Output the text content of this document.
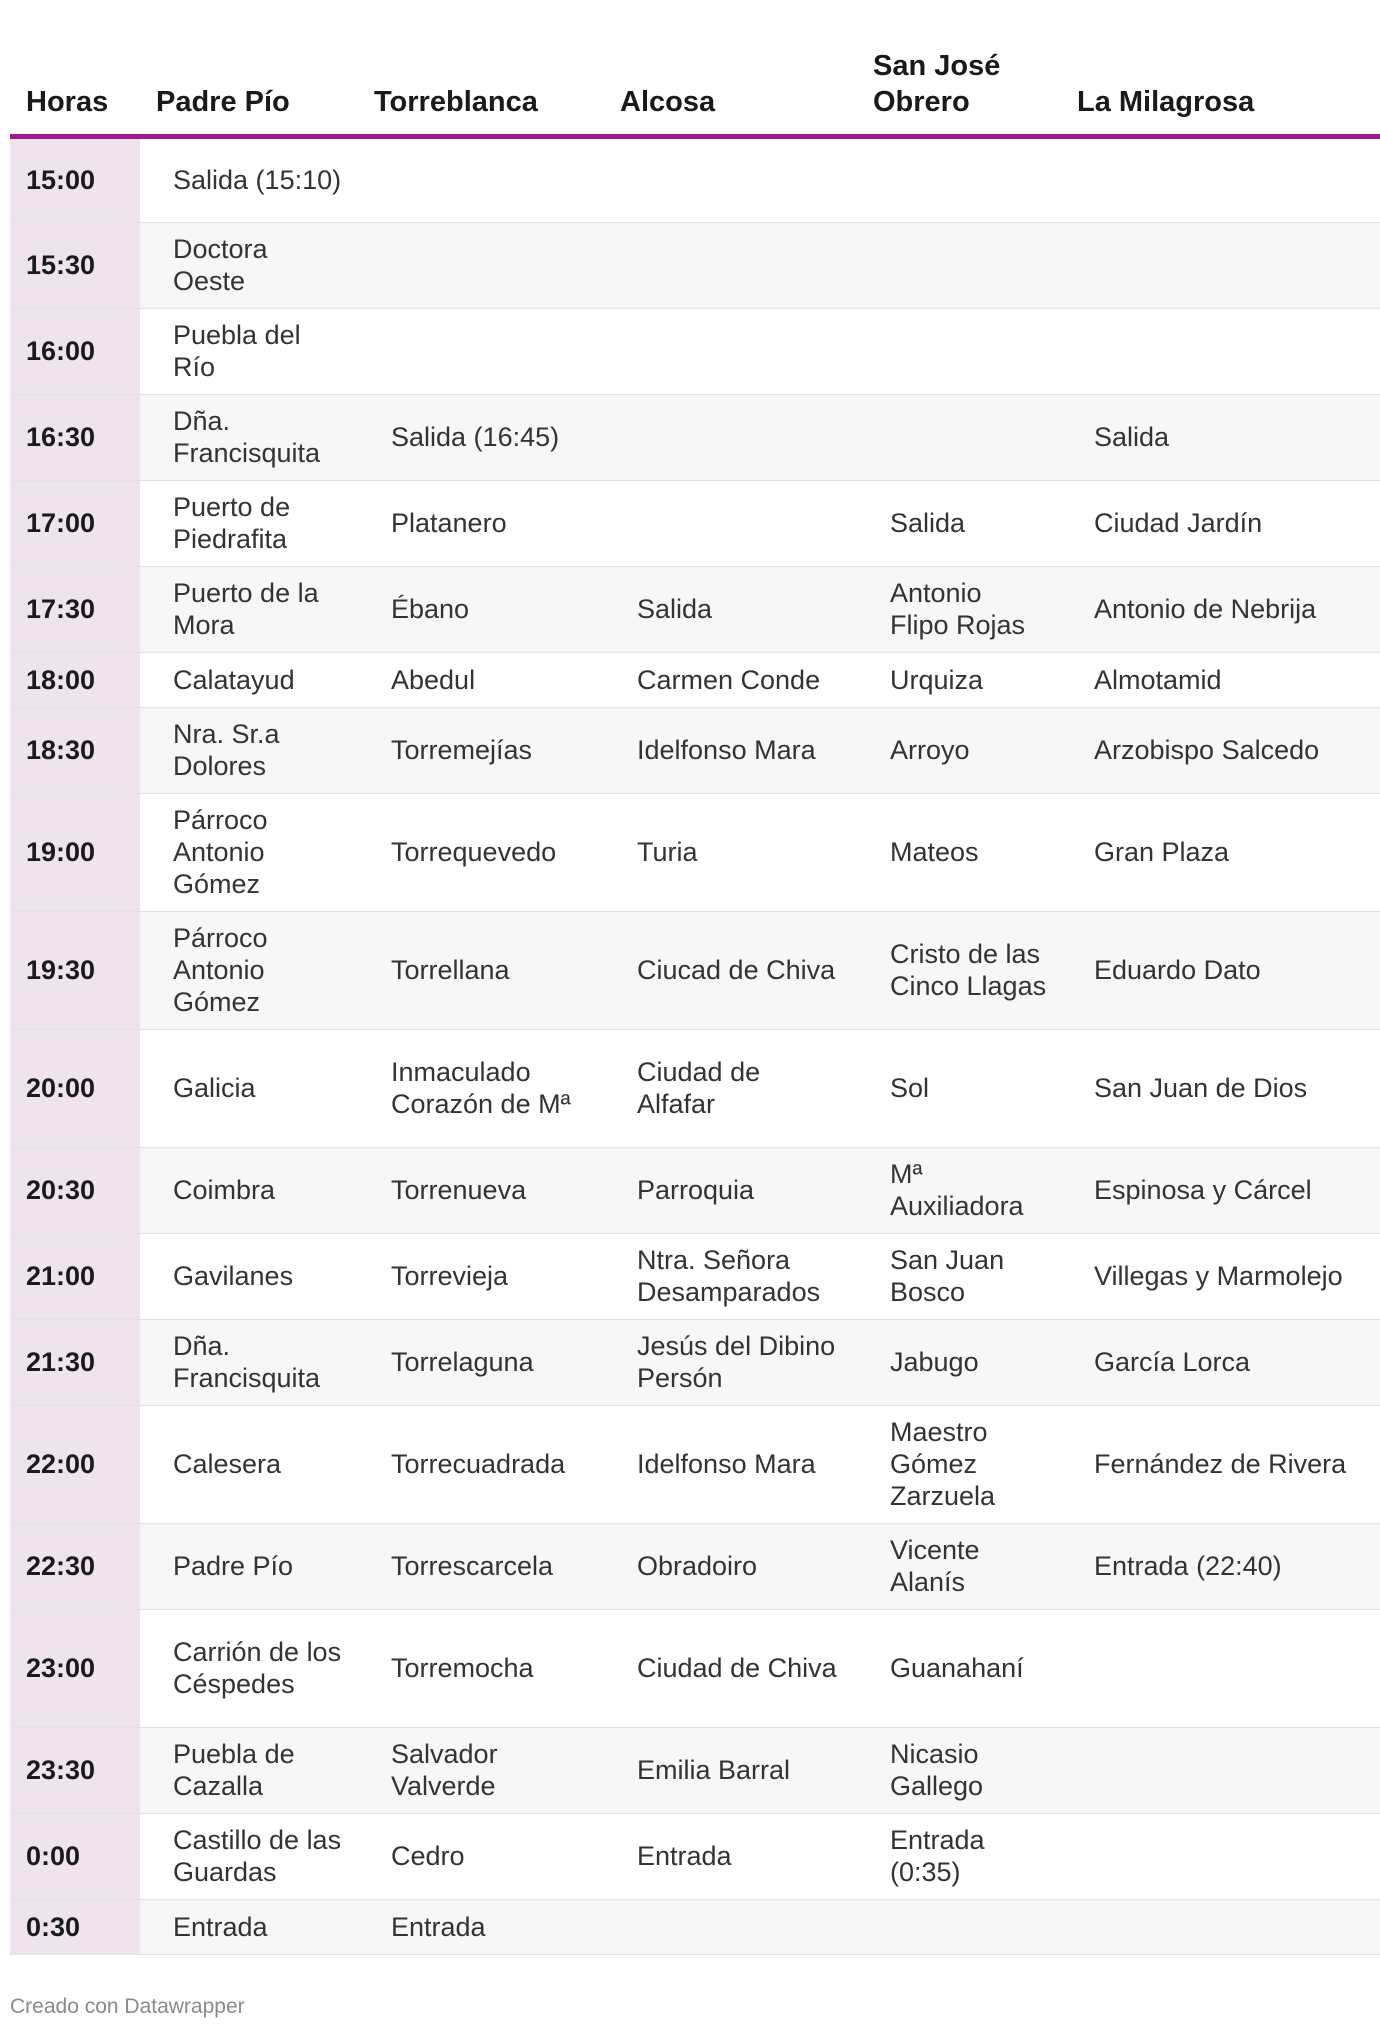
Horas	Padre Pío	Torreblanca	Alcosa	San José Obrero	La Milagrosa
15:00	Salida (15:10)				
15:30	Doctora Oeste				
16:00	Puebla del Río				
16:30	Dña. Francisquita	Salida (16:45)			Salida
17:00	Puerto de Piedrafita	Platanero		Salida	Ciudad Jardín
17:30	Puerto de la Mora	Ébano	Salida	Antonio Flipo Rojas	Antonio de Nebrija
18:00	Calatayud	Abedul	Carmen Conde	Urquiza	Almotamid
18:30	Nra. Sr.a Dolores	Torremejías	Idelfonso Mara	Arroyo	Arzobispo Salcedo
19:00	Párroco Antonio Gómez	Torrequevedo	Turia	Mateos	Gran Plaza
19:30	Párroco Antonio Gómez	Torrellana	Ciucad de Chiva	Cristo de las Cinco Llagas	Eduardo Dato
20:00	Galicia	Inmaculado Corazón de Mª	Ciudad de Alfafar	Sol	San Juan de Dios
20:30	Coimbra	Torrenueva	Parroquia	Mª Auxiliadora	Espinosa y Cárcel
21:00	Gavilanes	Torrevieja	Ntra. Señora Desamparados	San Juan Bosco	Villegas y Marmolejo
21:30	Dña. Francisquita	Torrelaguna	Jesús del Dibino Persón	Jabugo	García Lorca
22:00	Calesera	Torrecuadrada	Idelfonso Mara	Maestro Gómez Zarzuela	Fernández de Rivera
22:30	Padre Pío	Torrescarcela	Obradoiro	Vicente Alanís	Entrada (22:40)
23:00	Carrión de los Céspedes	Torremocha	Ciudad de Chiva	Guanahaní	
23:30	Puebla de Cazalla	Salvador Valverde	Emilia Barral	Nicasio Gallego	
0:00	Castillo de las Guardas	Cedro	Entrada	Entrada (0:35)	
0:30	Entrada	Entrada			
Creado con Datawrapper
